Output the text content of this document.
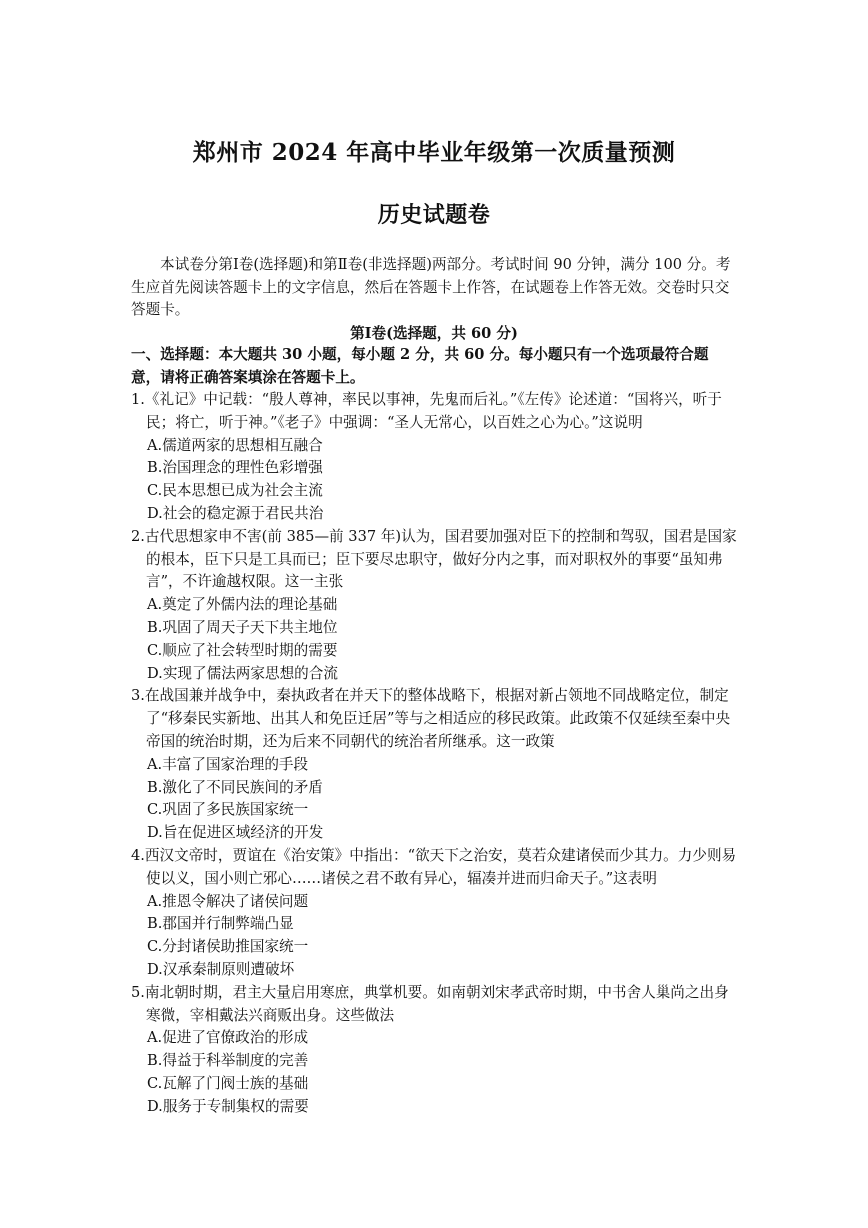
郑州市 2024 年高中毕业年级第一次质量预测
历史试题卷
本试卷分第Ⅰ卷(选择题)和第Ⅱ卷(非选择题)两部分。考试时间 90 分钟，满分 100 分。考生应首先阅读答题卡上的文字信息，然后在答题卡上作答，在试题卷上作答无效。交卷时只交答题卡。
第Ⅰ卷(选择题，共 60 分)
一、选择题：本大题共 30 小题，每小题 2 分，共 60 分。每小题只有一个选项最符合题意，请将正确答案填涂在答题卡上。
1.《礼记》中记载：“殷人尊神，率民以事神，先鬼而后礼。”《左传》论述道：“国将兴，听于民；将亡，听于神。”《老子》中强调：“圣人无常心，以百姓之心为心。”这说明
A.儒道两家的思想相互融合
B.治国理念的理性色彩增强
C.民本思想已成为社会主流
D.社会的稳定源于君民共治
2.古代思想家申不害(前 385—前 337 年)认为，国君要加强对臣下的控制和驾驭，国君是国家的根本，臣下只是工具而已；臣下要尽忠职守，做好分内之事，而对职权外的事要“虽知弗言”，不许逾越权限。这一主张
A.奠定了外儒内法的理论基础
B.巩固了周天子天下共主地位
C.顺应了社会转型时期的需要
D.实现了儒法两家思想的合流
3.在战国兼并战争中，秦执政者在并天下的整体战略下，根据对新占领地不同战略定位，制定了“移秦民实新地、出其人和免臣迁居”等与之相适应的移民政策。此政策不仅延续至秦中央帝国的统治时期，还为后来不同朝代的统治者所继承。这一政策
A.丰富了国家治理的手段
B.激化了不同民族间的矛盾
C.巩固了多民族国家统一
D.旨在促进区域经济的开发
4.西汉文帝时，贾谊在《治安策》中指出：“欲天下之治安，莫若众建诸侯而少其力。力少则易使以义，国小则亡邪心……诸侯之君不敢有异心，辐凑并进而归命天子。”这表明
A.推恩令解决了诸侯问题
B.郡国并行制弊端凸显
C.分封诸侯助推国家统一
D.汉承秦制原则遭破坏
5.南北朝时期，君主大量启用寒庶，典掌机要。如南朝刘宋孝武帝时期，中书舍人巢尚之出身寒微，宰相戴法兴商贩出身。这些做法
A.促进了官僚政治的形成
B.得益于科举制度的完善
C.瓦解了门阀士族的基础
D.服务于专制集权的需要
